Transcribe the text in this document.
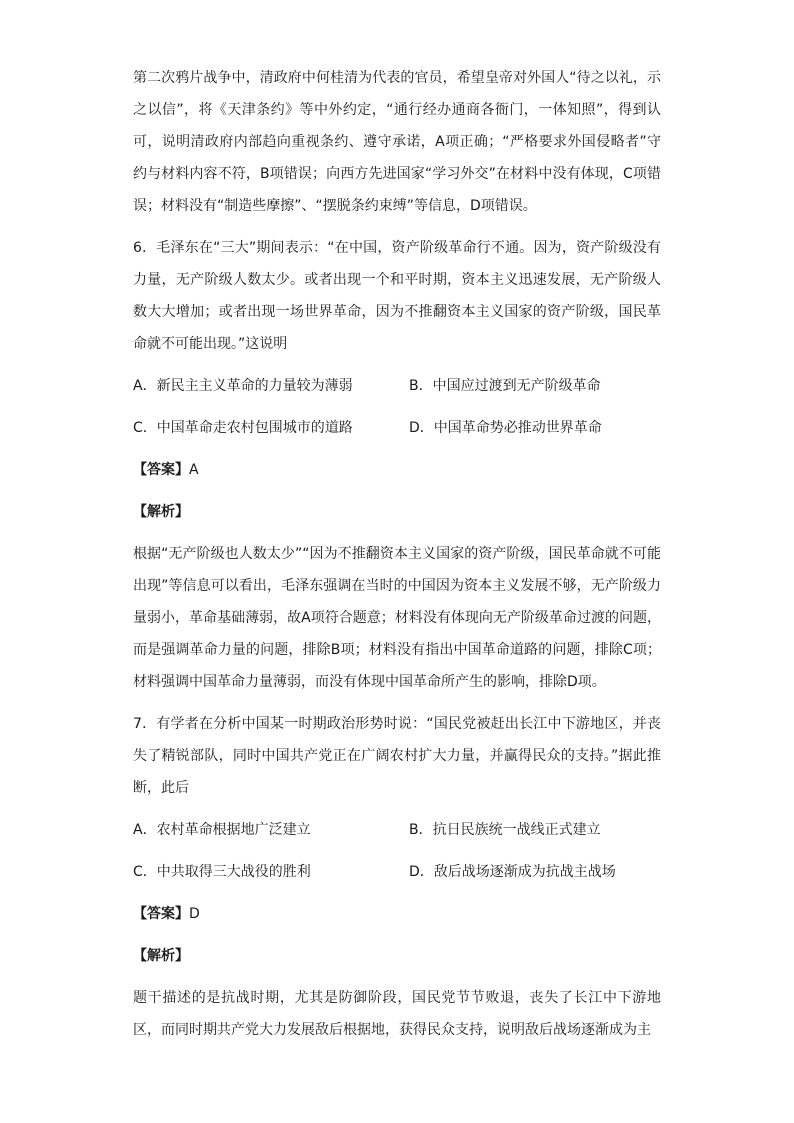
第二次鸦片战争中，清政府中何桂清为代表的官员，希望皇帝对外国人“待之以礼，示之以信”，将《天津条约》等中外约定，“通行经办通商各衙门，一体知照”，得到认可，说明清政府内部趋向重视条约、遵守承诺，A项正确；“严格要求外国侵略者”守约与材料内容不符，B项错误；向西方先进国家“学习外交”在材料中没有体现，C项错误；材料没有“制造些摩擦”、“摆脱条约束缚”等信息，D项错误。

6．毛泽东在“三大”期间表示：“在中国，资产阶级革命行不通。因为，资产阶级没有力量，无产阶级人数太少。或者出现一个和平时期，资本主义迅速发展，无产阶级人数大大增加；或者出现一场世界革命，因为不推翻资本主义国家的资产阶级，国民革命就不可能出现。”这说明

A．新民主主义革命的力量较为薄弱	B．中国应过渡到无产阶级革命
C．中国革命走农村包围城市的道路	D．中国革命势必推动世界革命

【答案】A

【解析】

根据“无产阶级也人数太少”“因为不推翻资本主义国家的资产阶级，国民革命就不可能出现”等信息可以看出，毛泽东强调在当时的中国因为资本主义发展不够，无产阶级力量弱小，革命基础薄弱，故A项符合题意；材料没有体现向无产阶级革命过渡的问题，而是强调革命力量的问题，排除B项；材料没有指出中国革命道路的问题，排除C项；材料强调中国革命力量薄弱，而没有体现中国革命所产生的影响，排除D项。

7．有学者在分析中国某一时期政治形势时说：“国民党被赶出长江中下游地区，并丧失了精锐部队，同时中国共产党正在广阔农村扩大力量，并赢得民众的支持。”据此推断，此后

A．农村革命根据地广泛建立	B．抗日民族统一战线正式建立
C．中共取得三大战役的胜利	D．敌后战场逐渐成为抗战主战场

【答案】D

【解析】

题干描述的是抗战时期，尤其是防御阶段，国民党节节败退，丧失了长江中下游地区，而同时期共产党大力发展敌后根据地，获得民众支持，说明敌后战场逐渐成为主
